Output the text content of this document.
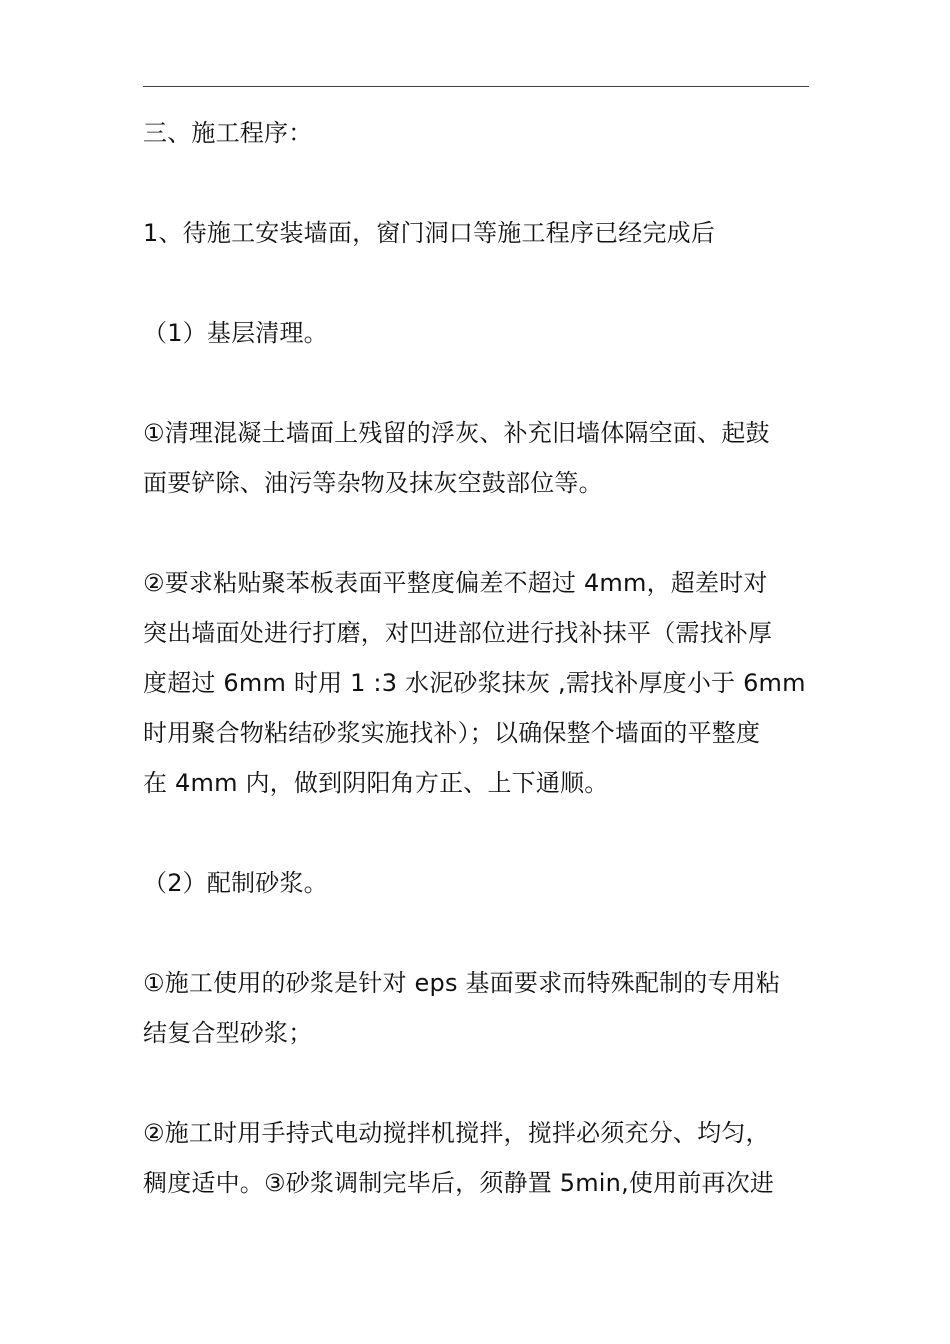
三、施工程序：

1、待施工安装墙面，窗门洞口等施工程序已经完成后

（1）基层清理。

①清理混凝土墙面上残留的浮灰、补充旧墙体隔空面、起鼓
面要铲除、油污等杂物及抹灰空鼓部位等。

②要求粘贴聚苯板表面平整度偏差不超过 4mm，超差时对
突出墙面处进行打磨，对凹进部位进行找补抹平（需找补厚
度超过 6mm 时用 1 :3 水泥砂浆抹灰 ,需找补厚度小于 6mm
时用聚合物粘结砂浆实施找补）；以确保整个墙面的平整度
在 4mm 内，做到阴阳角方正、上下通顺。

（2）配制砂浆。

①施工使用的砂浆是针对 eps 基面要求而特殊配制的专用粘
结复合型砂浆；

②施工时用手持式电动搅拌机搅拌，搅拌必须充分、均匀，
稠度适中。③砂浆调制完毕后，须静置 5min,使用前再次进
